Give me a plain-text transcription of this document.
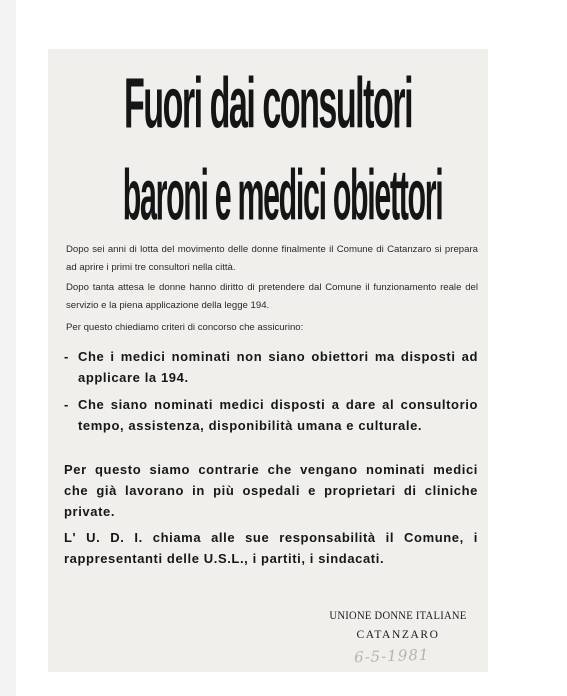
Fuori dai consultori
baroni e medici obiettori

Dopo sei anni di lotta del movimento delle donne finalmente il Comune di Catanzaro si prepara ad aprire i primi tre consultori nella città.

Dopo tanta attesa le donne hanno diritto di pretendere dal Comune il funzionamento reale del servizio e la piena applicazione della legge 194.

Per questo chiediamo criteri di concorso che assicurino:

- Che i medici nominati non siano obiettori ma disposti ad applicare la 194.
- Che siano nominati medici disposti a dare al consultorio tempo, assistenza, disponibilità umana e culturale.

Per questo siamo contrarie che vengano nominati medici che già lavorano in più ospedali e proprietari di cliniche private.

L' U. D. I. chiama alle sue responsabilità il Comune, i rappresentanti delle U.S.L., i partiti, i sindacati.

UNIONE DONNE ITALIANE
CATANZARO
6-5-1981
